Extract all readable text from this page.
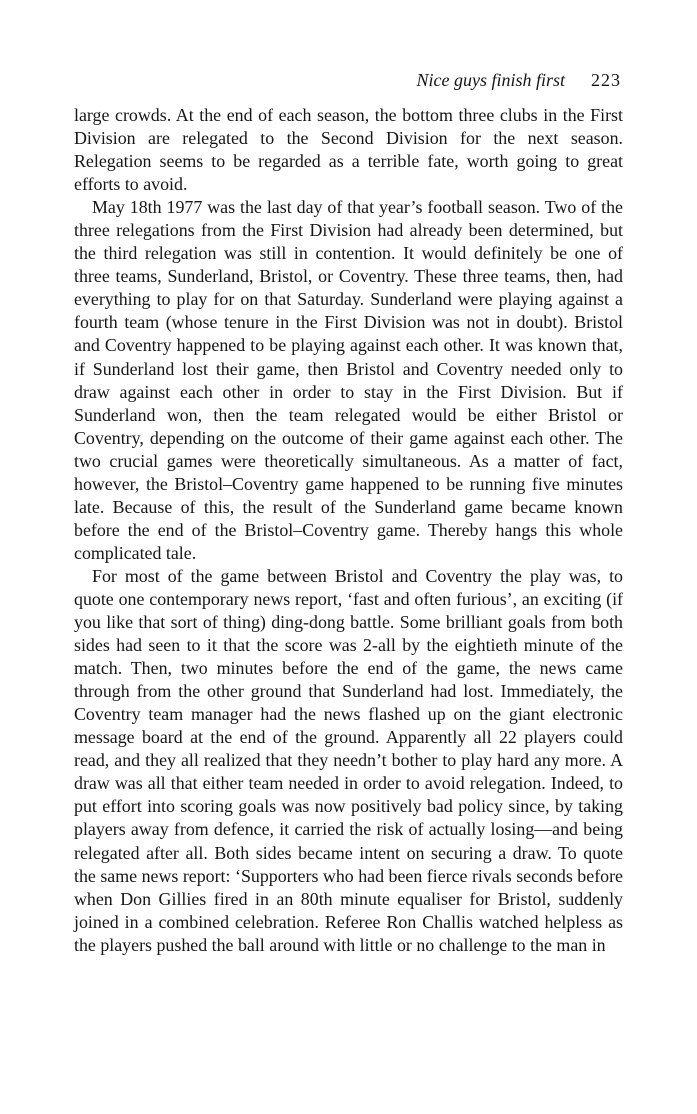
Nice guys finish first 223

large crowds. At the end of each season, the bottom three clubs in the First Division are relegated to the Second Division for the next season. Relegation seems to be regarded as a terrible fate, worth going to great efforts to avoid.

May 18th 1977 was the last day of that year’s football season. Two of the three relegations from the First Division had already been determined, but the third relegation was still in contention. It would definitely be one of three teams, Sunderland, Bristol, or Coventry. These three teams, then, had everything to play for on that Saturday. Sunderland were playing against a fourth team (whose tenure in the First Division was not in doubt). Bristol and Coventry happened to be playing against each other. It was known that, if Sunderland lost their game, then Bristol and Coventry needed only to draw against each other in order to stay in the First Division. But if Sunderland won, then the team relegated would be either Bristol or Coventry, depending on the outcome of their game against each other. The two crucial games were theoretically simultaneous. As a matter of fact, however, the Bristol–Coventry game happened to be running five minutes late. Because of this, the result of the Sunderland game became known before the end of the Bristol–Coventry game. Thereby hangs this whole complicated tale.

For most of the game between Bristol and Coventry the play was, to quote one contemporary news report, ‘fast and often furious’, an exciting (if you like that sort of thing) ding-dong battle. Some brilliant goals from both sides had seen to it that the score was 2-all by the eightieth minute of the match. Then, two minutes before the end of the game, the news came through from the other ground that Sunderland had lost. Immediately, the Coventry team manager had the news flashed up on the giant electronic message board at the end of the ground. Apparently all 22 players could read, and they all realized that they needn’t bother to play hard any more. A draw was all that either team needed in order to avoid relegation. Indeed, to put effort into scoring goals was now positively bad policy since, by taking players away from defence, it carried the risk of actually losing—and being relegated after all. Both sides became intent on securing a draw. To quote the same news report: ‘Supporters who had been fierce rivals seconds before when Don Gillies fired in an 80th minute equaliser for Bristol, suddenly joined in a combined celebration. Referee Ron Challis watched helpless as the players pushed the ball around with little or no challenge to the man in
